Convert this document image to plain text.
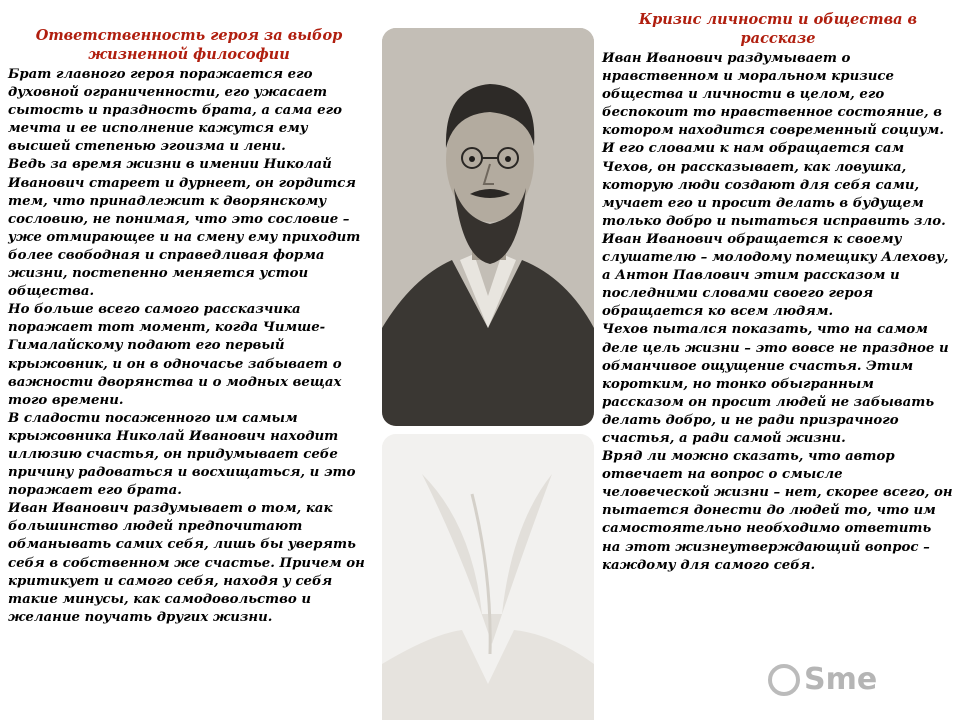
Ответственность героя за выбор жизненной философии

Брат главного героя поражается его духовной ограниченности, его ужасает сытость и праздность брата, а сама его мечта и ее исполнение кажутся ему высшей степенью эгоизма и лени.
Ведь за время жизни в имении Николай Иванович стареет и дурнеет, он гордится тем, что принадлежит к дворянскому сословию, не понимая, что это сословие – уже отмирающее и на смену ему приходит более свободная и справедливая форма жизни, постепенно меняется устои общества.
Но больше всего самого рассказчика поражает тот момент, когда Чимше-Гималайскому подают его первый крыжовник, и он в одночасье забывает о важности дворянства и о модных вещах того времени.
В сладости посаженного им самым крыжовника Николай Иванович находит иллюзию счастья, он придумывает себе причину радоваться и восхищаться, и это поражает его брата.
Иван Иванович раздумывает о том, как большинство людей предпочитают обманывать самих себя, лишь бы уверять себя в собственном же счастье. Причем он критикует и самого себя, находя у себя такие минусы, как самодовольство и желание поучать других жизни.

Кризис личности и общества в рассказе

Иван Иванович раздумывает о нравственном и моральном кризисе общества и личности в целом, его беспокоит то нравственное состояние, в котором находится современный социум.
И его словами к нам обращается сам Чехов, он рассказывает, как ловушка, которую люди создают для себя сами, мучает его и просит делать в будущем только добро и пытаться исправить зло.
Иван Иванович обращается к своему слушателю – молодому помещику Алехову, а Антон Павлович этим рассказом и последними словами своего героя обращается ко всем людям.
Чехов пытался показать, что на самом деле цель жизни – это вовсе не праздное и обманчивое ощущение счастья. Этим коротким, но тонко обыгранным рассказом он просит людей не забывать делать добро, и не ради призрачного счастья, а ради самой жизни.
Вряд ли можно сказать, что автор отвечает на вопрос о смысле человеческой жизни – нет, скорее всего, он пытается донести до людей то, что им самостоятельно необходимо ответить на этот жизнеутверждающий вопрос – каждому для самого себя.

Sme
